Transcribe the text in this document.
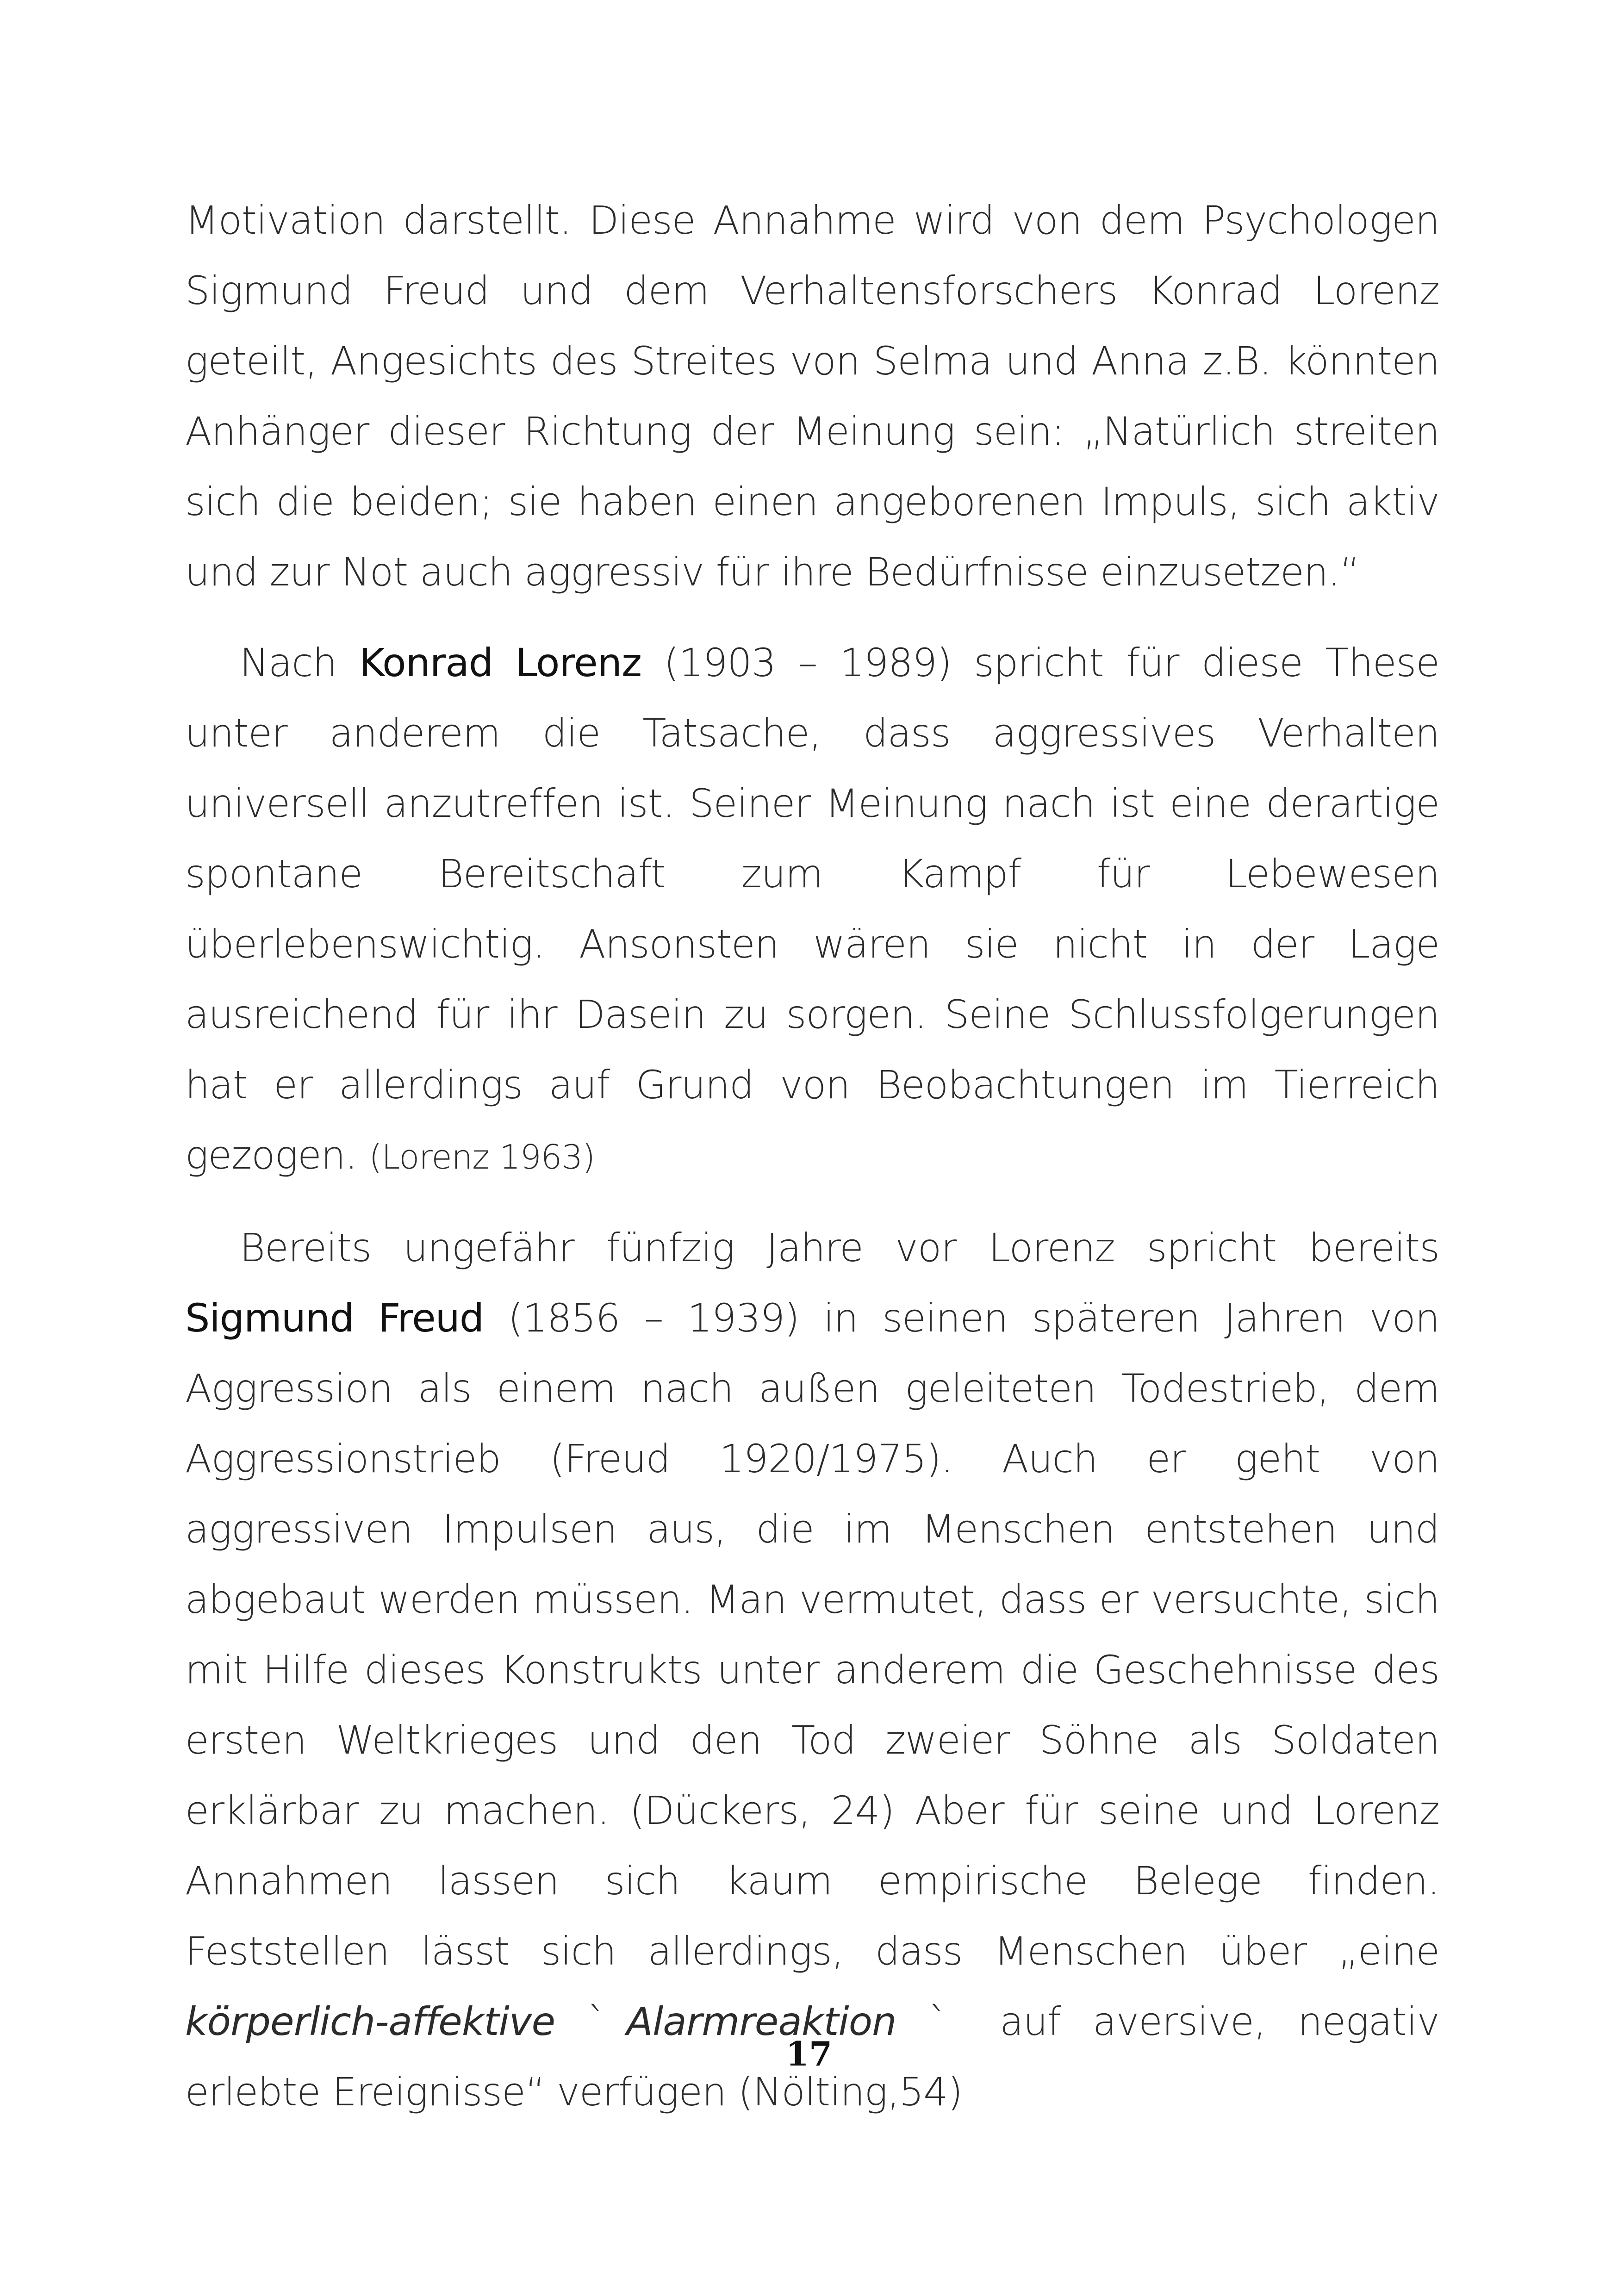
Motivation darstellt. Diese Annahme wird von dem Psychologen Sigmund Freud und dem Verhaltensforschers Konrad Lorenz geteilt, Angesichts des Streites von Selma und Anna z.B. könnten Anhänger dieser Richtung der Meinung sein: „Natürlich streiten sich die beiden; sie haben einen angeborenen Impuls, sich aktiv und zur Not auch aggressiv für ihre Bedürfnisse einzusetzen.“

Nach Konrad Lorenz (1903 – 1989) spricht für diese These unter anderem die Tatsache, dass aggressives Verhalten universell anzutreffen ist. Seiner Meinung nach ist eine derartige spontane Bereitschaft zum Kampf für Lebewesen überlebenswichtig. Ansonsten wären sie nicht in der Lage ausreichend für ihr Dasein zu sorgen. Seine Schlussfolgerungen hat er allerdings auf Grund von Beobachtungen im Tierreich gezogen. (Lorenz 1963)

Bereits ungefähr fünfzig Jahre vor Lorenz spricht bereits Sigmund Freud (1856 – 1939) in seinen späteren Jahren von Aggression als einem nach außen geleiteten Todestrieb, dem Aggressionstrieb (Freud 1920/1975). Auch er geht von aggressiven Impulsen aus, die im Menschen entstehen und abgebaut werden müssen. Man vermutet, dass er versuchte, sich mit Hilfe dieses Konstrukts unter anderem die Geschehnisse des ersten Weltkrieges und den Tod zweier Söhne als Soldaten erklärbar zu machen. (Dückers, 24) Aber für seine und Lorenz Annahmen lassen sich kaum empirische Belege finden. Feststellen lässt sich allerdings, dass Menschen über „eine körperlich-affektive ˋAlarmreaktion ˋ auf aversive, negativ erlebte Ereignisse“ verfügen (Nölting,54)

17
